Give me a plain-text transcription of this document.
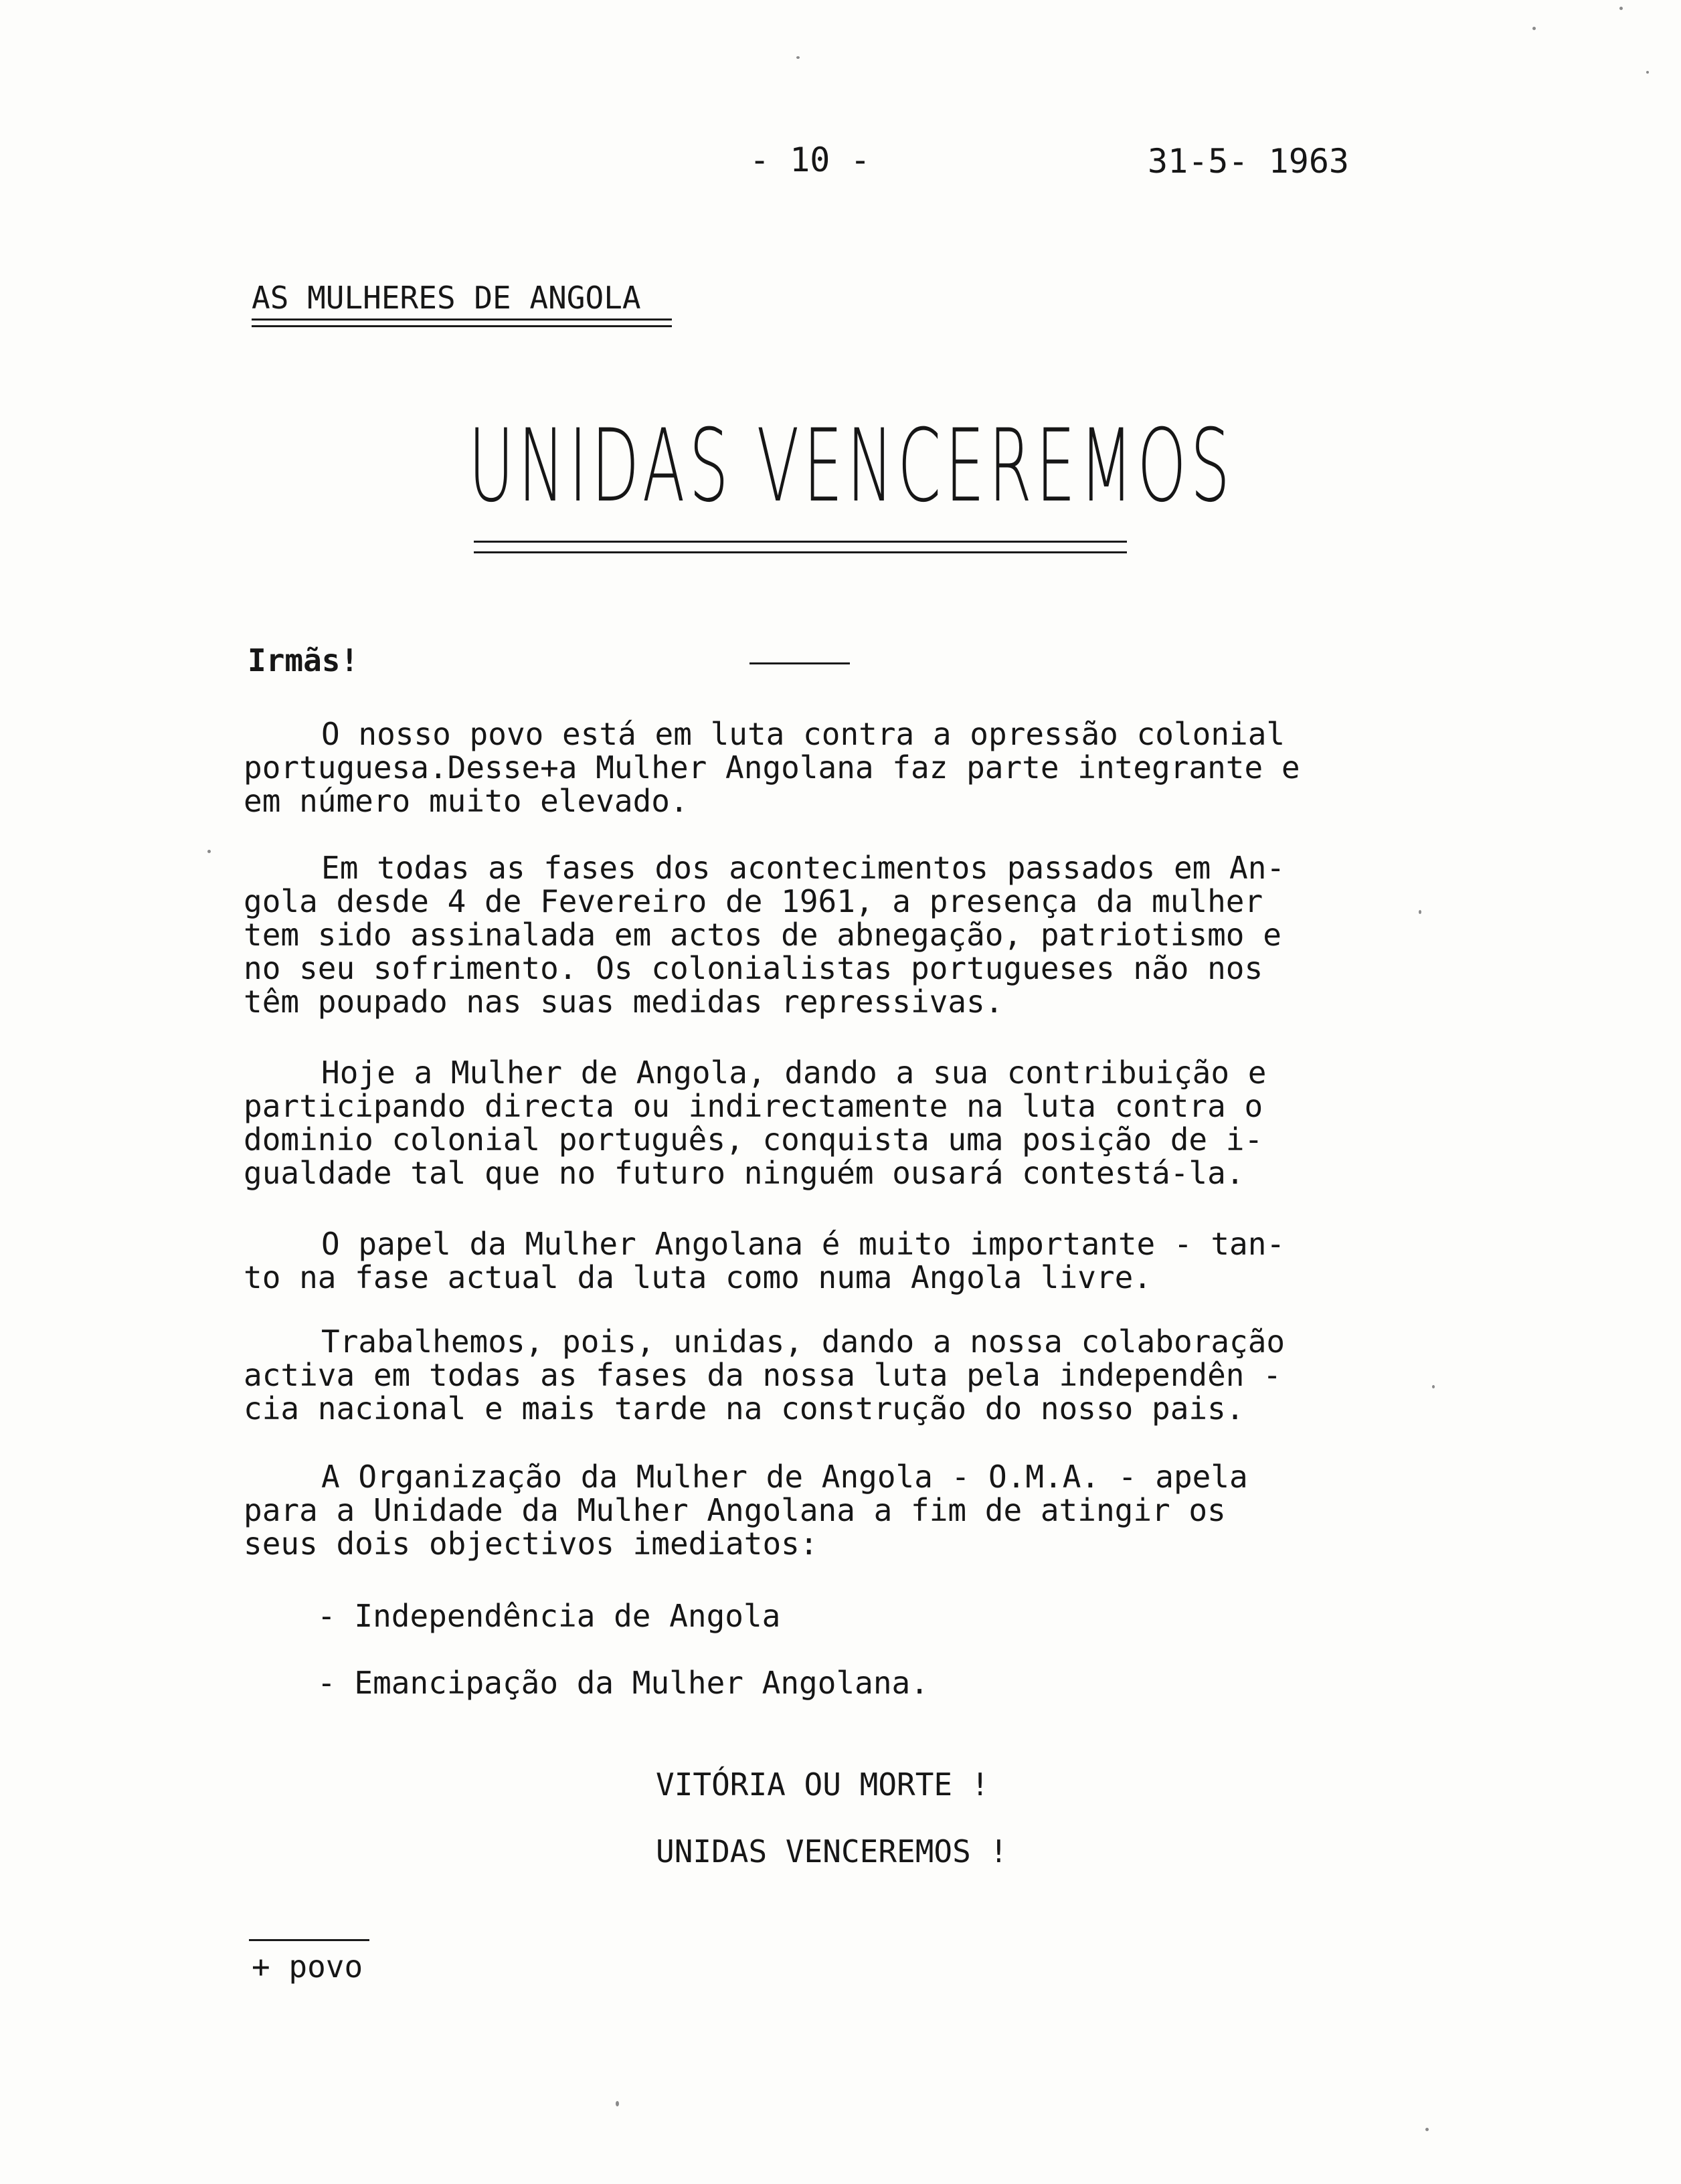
- 10 -	31-5- 1963
AS MULHERES DE ANGOLA
UNIDAS VENCEREMOS
Irmãs!
O nosso povo está em luta contra a opressão colonial
portuguesa.Desse+a Mulher Angolana faz parte integrante e
em número muito elevado.
Em todas as fases dos acontecimentos passados em An-
gola desde 4 de Fevereiro de 1961, a presença da mulher
tem sido assinalada em actos de abnegação, patriotismo e
no seu sofrimento. Os colonialistas portugueses não nos
têm poupado nas suas medidas repressivas.
Hoje a Mulher de Angola, dando a sua contribuição e
participando directa ou indirectamente na luta contra o
dominio colonial português, conquista uma posição de i-
gualdade tal que no futuro ninguém ousará contestá-la.
O papel da Mulher Angolana é muito importante - tan-
to na fase actual da luta como numa Angola livre.
Trabalhemos, pois, unidas, dando a nossa colaboração
activa em todas as fases da nossa luta pela independên -
cia nacional e mais tarde na construção do nosso pais.
A Organização da Mulher de Angola - O.M.A. - apela
para a Unidade da Mulher Angolana a fim de atingir os
seus dois objectivos imediatos:
- Independência de Angola
- Emancipação da Mulher Angolana.
VITÓRIA OU MORTE !
UNIDAS VENCEREMOS !
+ povo
